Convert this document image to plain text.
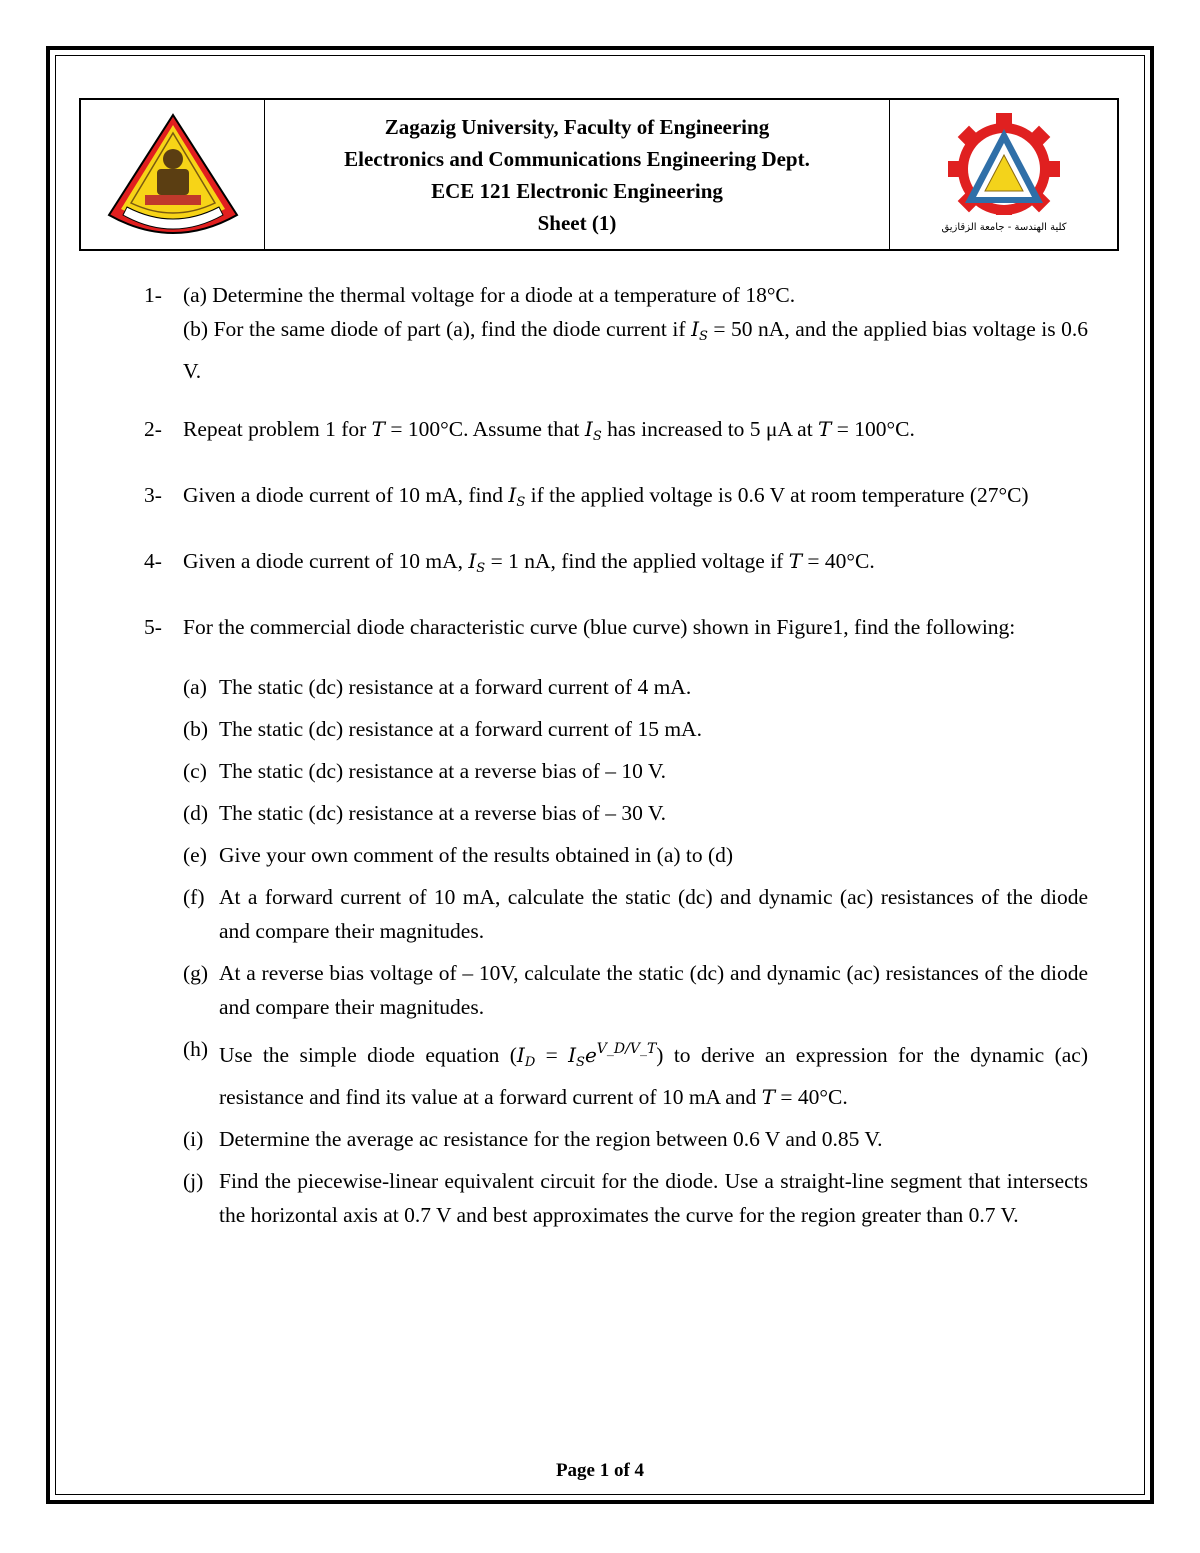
Zagazig University, Faculty of Engineering
Electronics and Communications Engineering Dept.
ECE 121 Electronic Engineering
Sheet (1)	كلية الهندسة - جامعة الزقازيق
1- (a) Determine the thermal voltage for a diode at a temperature of 18°C.
(b) For the same diode of part (a), find the diode current if $I_S = 50$ nA, and the applied bias voltage is 0.6 V.
2- Repeat problem 1 for T = 100°C. Assume that $I_S$ has increased to 5 μA at T = 100°C.
3- Given a diode current of 10 mA, find $I_S$ if the applied voltage is 0.6 V at room temperature (27°C)
4- Given a diode current of 10 mA, $I_S = 1$ nA, find the applied voltage if T = 40°C.
5- For the commercial diode characteristic curve (blue curve) shown in Figure1, find the following:
(a) The static (dc) resistance at a forward current of 4 mA.
(b) The static (dc) resistance at a forward current of 15 mA.
(c) The static (dc) resistance at a reverse bias of – 10 V.
(d) The static (dc) resistance at a reverse bias of – 30 V.
(e) Give your own comment of the results obtained in (a) to (d)
(f) At a forward current of 10 mA, calculate the static (dc) and dynamic (ac) resistances of the diode and compare their magnitudes.
(g) At a reverse bias voltage of – 10V, calculate the static (dc) and dynamic (ac) resistances of the diode and compare their magnitudes.
(h) Use the simple diode equation $(I_D = I_Se^{V\_D/V\_T})$ to derive an expression for the dynamic (ac) resistance and find its value at a forward current of 10 mA and T = 40°C.
(i) Determine the average ac resistance for the region between 0.6 V and 0.85 V.
(j) Find the piecewise-linear equivalent circuit for the diode. Use a straight-line segment that intersects the horizontal axis at 0.7 V and best approximates the curve for the region greater than 0.7 V.
Page 1 of 4
